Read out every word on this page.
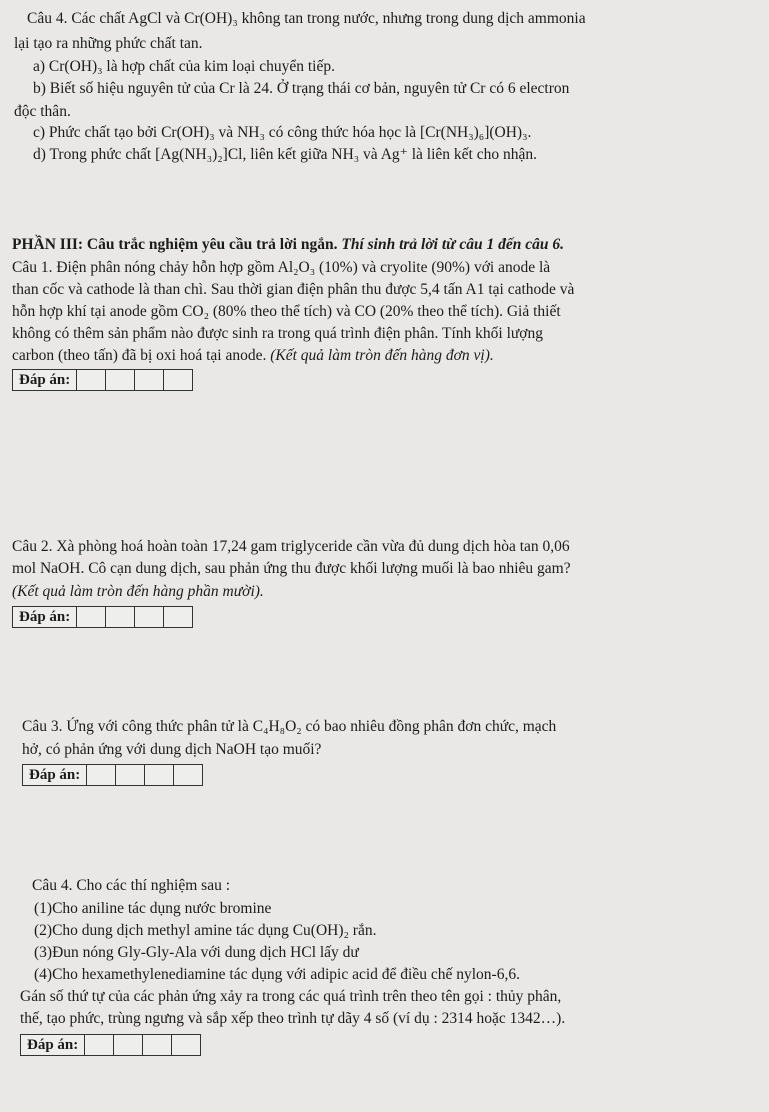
Câu 4. Các chất AgCl và Cr(OH)₃ không tan trong nước, nhưng trong dung dịch ammonia
lại tạo ra những phức chất tan.
a) Cr(OH)₃ là hợp chất của kim loại chuyển tiếp.
b) Biết số hiệu nguyên tử của Cr là 24. Ở trạng thái cơ bản, nguyên tử Cr có 6 electron
độc thân.
c) Phức chất tạo bởi Cr(OH)₃ và NH₃ có công thức hóa học là [Cr(NH₃)₆](OH)₃.
d) Trong phức chất [Ag(NH₃)₂]Cl, liên kết giữa NH₃ và Ag⁺ là liên kết cho nhận.
PHẦN III: Câu trắc nghiệm yêu cầu trả lời ngắn. Thí sinh trả lời từ câu 1 đến câu 6.
Câu 1. Điện phân nóng chảy hỗn hợp gồm Al₂O₃ (10%) và cryolite (90%) với anode là
than cốc và cathode là than chì. Sau thời gian điện phân thu được 5,4 tấn A1 tại cathode và
hỗn hợp khí tại anode gồm CO₂ (80% theo thể tích) và CO (20% theo thể tích). Giả thiết
không có thêm sản phẩm nào được sinh ra trong quá trình điện phân. Tính khối lượng
carbon (theo tấn) đã bị oxi hoá tại anode. (Kết quả làm tròn đến hàng đơn vị).
Đáp án:
Câu 2. Xà phòng hoá hoàn toàn 17,24 gam triglyceride cần vừa đủ dung dịch hòa tan 0,06
mol NaOH. Cô cạn dung dịch, sau phản ứng thu được khối lượng muối là bao nhiêu gam?
(Kết quả làm tròn đến hàng phần mười).
Đáp án:
Câu 3. Ứng với công thức phân tử là C₄H₈O₂ có bao nhiêu đồng phân đơn chức, mạch
hở, có phản ứng với dung dịch NaOH tạo muối?
Đáp án:
Câu 4. Cho các thí nghiệm sau :
(1)Cho aniline tác dụng nước bromine
(2)Cho dung dịch methyl amine tác dụng Cu(OH)₂ rắn.
(3)Đun nóng Gly-Gly-Ala với dung dịch HCl lấy dư
(4)Cho hexamethylenediamine tác dụng với adipic acid để điều chế nylon-6,6.
Gán số thứ tự của các phản ứng xảy ra trong các quá trình trên theo tên gọi : thủy phân,
thế, tạo phức, trùng ngưng và sắp xếp theo trình tự dãy 4 số (ví dụ : 2314 hoặc 1342…).
Đáp án:
